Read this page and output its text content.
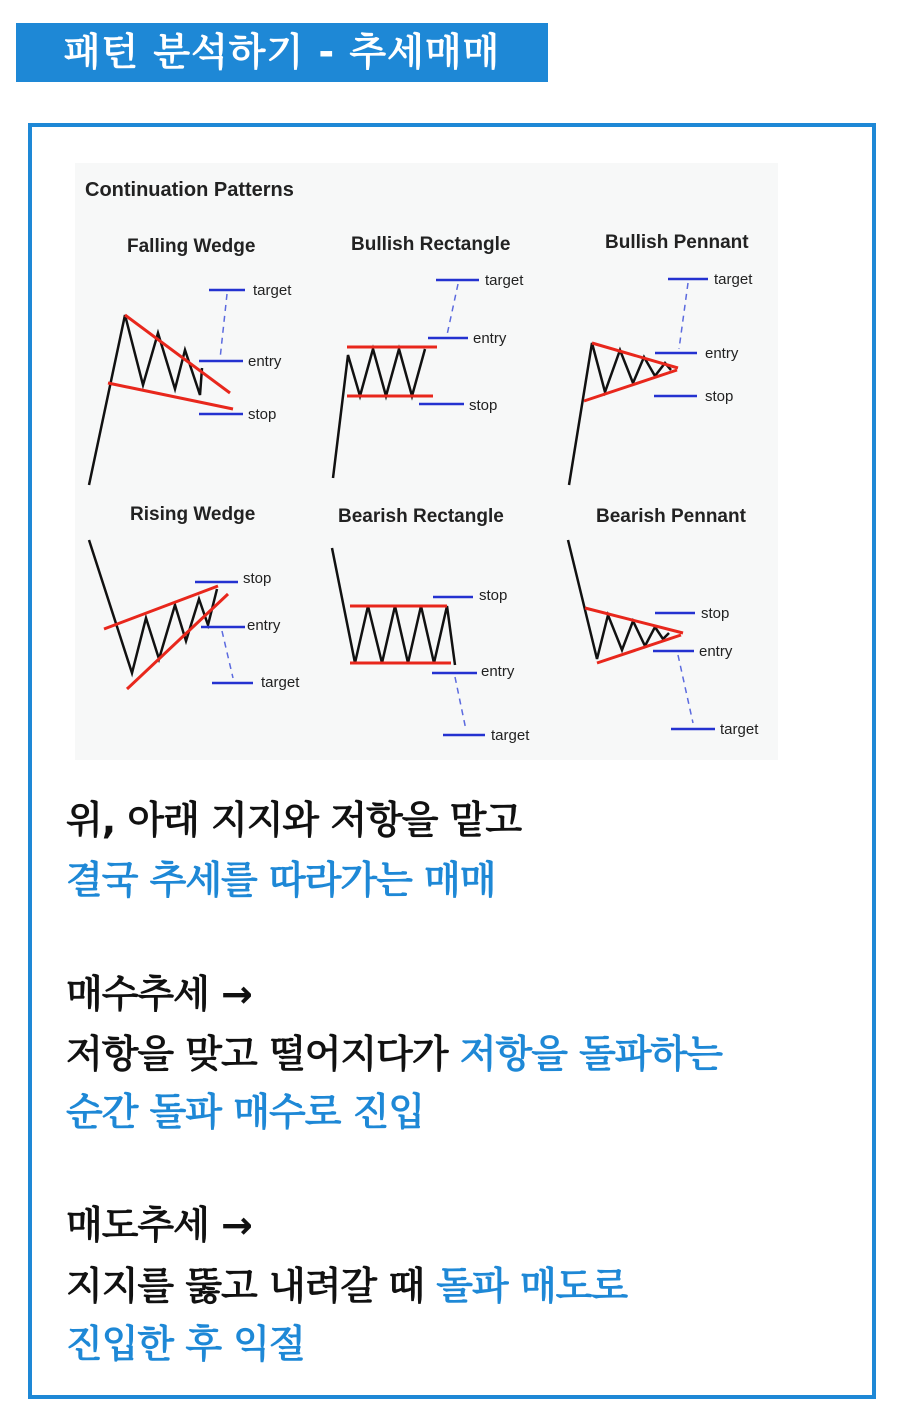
패턴 분석하기 - 추세매매
Continuation Patterns
Falling Wedge
target
entry
stop
Bullish Rectangle
target
entry
stop
Bullish Pennant
target
entry
stop
Rising Wedge
stop
entry
target
Bearish Rectangle
stop
entry
target
Bearish Pennant
stop
entry
target
위, 아래 지지와 저항을 맡고
결국 추세를 따라가는 매매
매수추세 →
저항을 맞고 떨어지다가 저항을 돌파하는
순간 돌파 매수로 진입
매도추세 →
지지를 뚫고 내려갈 때 돌파 매도로
진입한 후 익절
